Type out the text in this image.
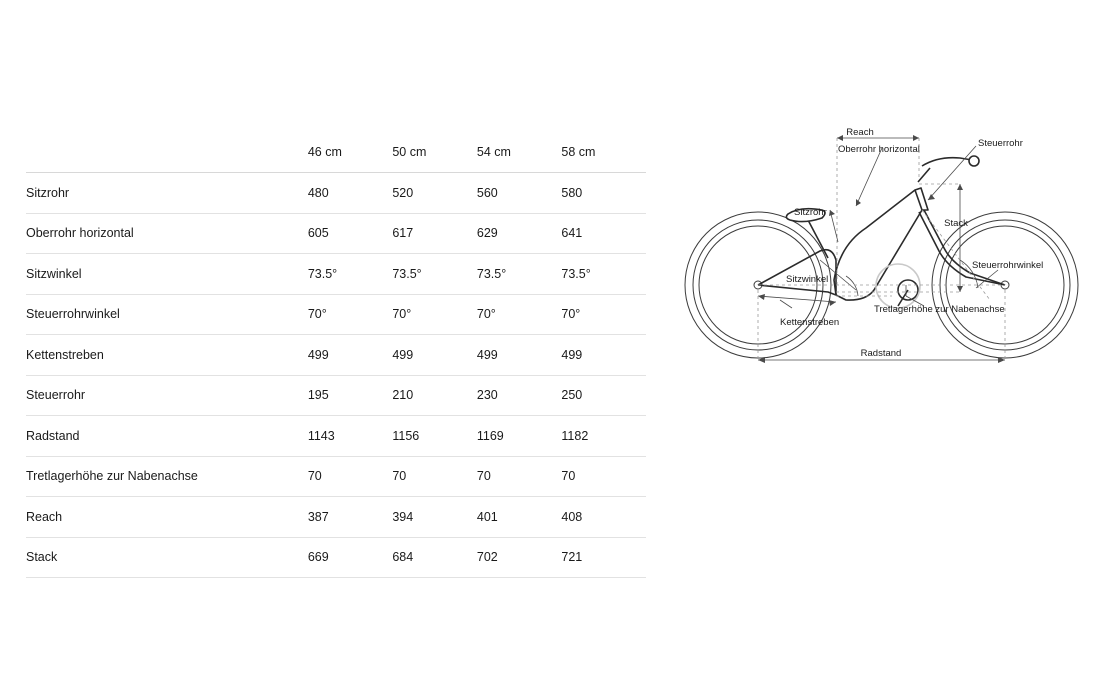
	46 cm	50 cm	54 cm	58 cm
Sitzrohr	480	520	560	580
Oberrohr horizontal	605	617	629	641
Sitzwinkel	73.5°	73.5°	73.5°	73.5°
Steuerrohrwinkel	70°	70°	70°	70°
Kettenstreben	499	499	499	499
Steuerrohr	195	210	230	250
Radstand	1143	1156	1169	1182
Tretlagerhöhe zur Nabenachse	70	70	70	70
Reach	387	394	401	408
Stack	669	684	702	721
Reach
Oberrohr horizontal
Steuerrohr
Stack
Sitzrohr
Sitzwinkel
Steuerrohrwinkel
Kettenstreben
Tretlagerhöhe zur Nabenachse
Radstand
